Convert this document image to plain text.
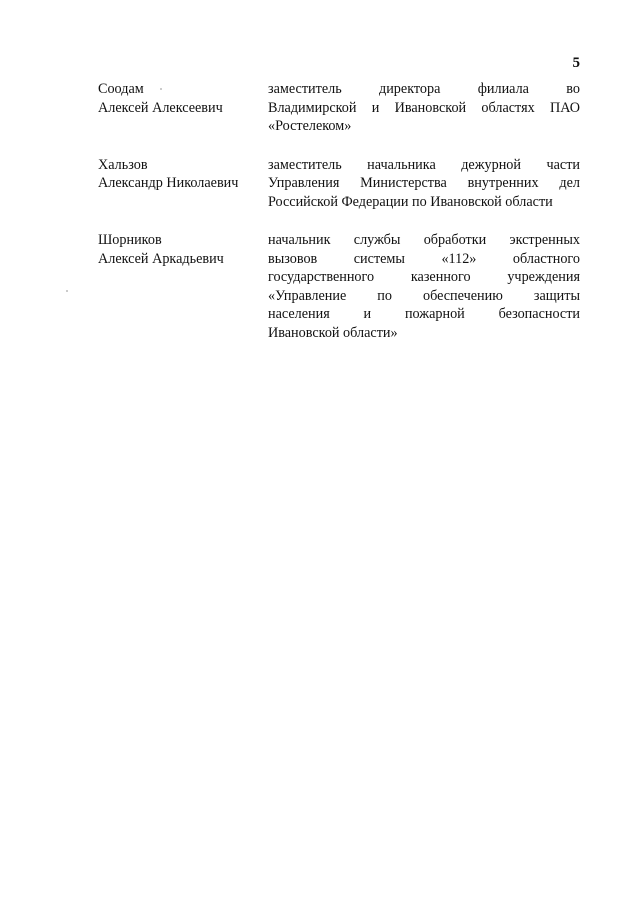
5
Соодам
Алексей Алексеевич
заместитель директора филиала во
Владимирской и Ивановской областях ПАО
«Ростелеком»
Хальзов
Александр Николаевич
заместитель начальника дежурной части
Управления Министерства внутренних дел
Российской Федерации по Ивановской области
Шорников
Алексей Аркадьевич
начальник службы обработки экстренных
вызовов системы «112» областного
государственного казенного учреждения
«Управление по обеспечению защиты
населения и пожарной безопасности
Ивановской области»
